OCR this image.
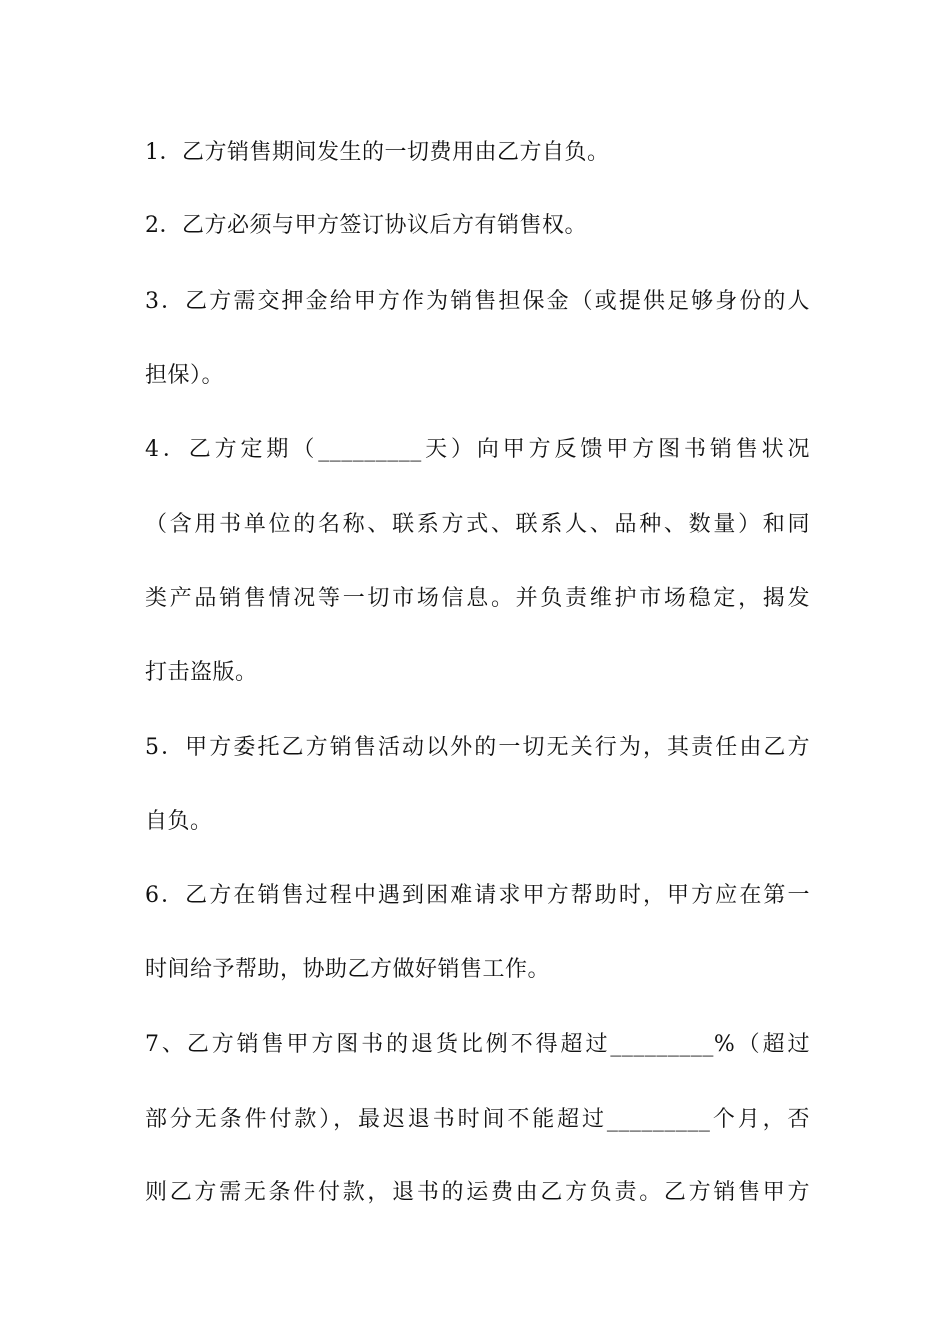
1．乙方销售期间发生的一切费用由乙方自负。
2．乙方必须与甲方签订协议后方有销售权。
3．乙方需交押金给甲方作为销售担保金（或提供足够身份的人
担保）。
4．乙方定期（_________天）向甲方反馈甲方图书销售状况
（含用书单位的名称、联系方式、联系人、品种、数量）和同
类产品销售情况等一切市场信息。并负责维护市场稳定，揭发
打击盗版。
5．甲方委托乙方销售活动以外的一切无关行为，其责任由乙方
自负。
6．乙方在销售过程中遇到困难请求甲方帮助时，甲方应在第一
时间给予帮助，协助乙方做好销售工作。
7、乙方销售甲方图书的退货比例不得超过_________%（超过
部分无条件付款），最迟退书时间不能超过_________个月，否
则乙方需无条件付款，退书的运费由乙方负责。乙方销售甲方
